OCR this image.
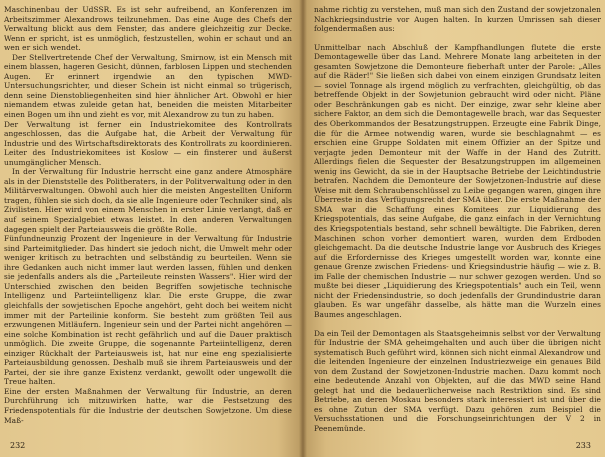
Maschinenbau der UdSSR. Es ist sehr aufreibend, an Konferenzen im Arbeitszimmer Alexandrows teilzunehmen. Das eine Auge des Chefs der Verwaltung blickt aus dem Fenster, das andere gleichzeitig zur Decke. Wenn er spricht, ist es unmöglich, festzustellen, wohin er schaut und an wen er sich wendet.

Der Stellvertretende Chef der Verwaltung, Smirnow, ist ein Mensch mit einem blassen, hageren Gesicht, dünnen, farblosen Lippen und stechenden Augen. Er erinnert irgendwie an den typischen MWD-Untersuchungsrichter, und dieser Schein ist nicht einmal so trügerisch, denn seine Dienstobliegenheiten sind hier ähnlicher Art. Obwohl er hier niemandem etwas zuleide getan hat, beneiden die meisten Mitarbeiter einen Bogen um ihn und zieht es vor, mit Alexandrow zu tun zu haben.

Der Verwaltung ist ferner ein Industriekomitee des Kontrollrats angeschlossen, das die Aufgabe hat, die Arbeit der Verwaltung für Industrie und des Wirtschaftsdirektorats des Kontrollrats zu koordinieren. Leiter des Industriekomitees ist Koslow — ein finsterer und äußerst unumgänglicher Mensch.

In der Verwaltung für Industrie herrscht eine ganz andere Atmosphäre als in der Dienststelle des Politberaters, in der Politverwaltung oder in den Militärverwaltungen. Obwohl auch hier die meisten Angestellten Uniform tragen, fühlen sie sich doch, da sie alle Ingenieure oder Techniker sind, als Zivilisten. Hier wird von einem Menschen in erster Linie verlangt, daß er auf seinem Spezialgebiet etwas leistet. In den anderen Verwaltungen dagegen spielt der Parteiausweis die größte Rolle.

Fünfundneunzig Prozent der Ingenieure in der Verwaltung für Industrie sind Parteimitglieder. Das hindert sie jedoch nicht, die Umwelt mehr oder weniger kritisch zu betrachten und selbständig zu beurteilen. Wenn sie ihre Gedanken auch nicht immer laut werden lassen, fühlen und denken sie jedenfalls anders als die „Parteileute reinsten Wassers". Hier wird der Unterschied zwischen den beiden Begriffen sowjetische technische Intelligenz und Parteiintelligenz klar. Die erste Gruppe, die zwar gleichfalls der sowjetischen Epoche angehört, geht doch bei weitem nicht immer mit der Parteilinie konform. Sie besteht zum größten Teil aus erzwungenen Mitläufern. Ingenieur sein und der Partei nicht angehören — eine solche Kombination ist recht gefährlich und auf die Dauer praktisch unmöglich. Die zweite Gruppe, die sogenannte Parteiintelligenz, deren einziger Rückhalt der Parteiausweis ist, hat nur eine eng spezialisierte Parteiausbildung genossen. Deshalb muß sie ihrem Parteiausweis und der Partei, der sie ihre ganze Existenz verdankt, gewollt oder ungewollt die Treue halten.

Eine der ersten Maßnahmen der Verwaltung für Industrie, an deren Durchführung ich mitzuwirken hatte, war die Festsetzung des Friedenspotentials für die Industrie der deutschen Sowjetzone. Um diese Maß-

232

nahme richtig zu verstehen, muß man sich den Zustand der sowjetzonalen Nachkriegsindustrie vor Augen halten. In kurzen Umrissen sah dieser folgendermaßen aus:

Unmittelbar nach Abschluß der Kampfhandlungen flutete die erste Demontagewelle über das Land. Mehrere Monate lang arbeiteten in der gesamten Sowjetzone die Demonteure fieberhaft unter der Parole: „Alles auf die Räder!" Sie ließen sich dabei von einem einzigen Grundsatz leiten — soviel Tonnage als irgend möglich zu verfrachten, gleichgültig, ob das betreffende Objekt in der Sowjetunion gebraucht wird oder nicht. Pläne oder Beschränkungen gab es nicht. Der einzige, zwar sehr kleine aber sichere Faktor, an dem sich die Demontagewelle brach, war das Sequester des Oberkommandos der Besatzungstruppen. Erzeugte eine Fabrik Dinge, die für die Armee notwendig waren, wurde sie beschlagnahmt — es erschien eine Gruppe Soldaten mit einem Offizier an der Spitze und verjagte jeden Demonteur mit der Waffe in der Hand des Zutritt. Allerdings fielen die Sequester der Besatzungstruppen im allgemeinen wenig ins Gewicht, da sie in der Hauptsache Betriebe der Leichtindustrie betrafen. Nachdem die Demonteure der Sowjetzonen-Industrie auf diese Weise mit dem Schraubenschlüssel zu Leibe gegangen waren, gingen ihre Überreste in das Verfügungsrecht der SMA über. Die erste Maßnahme der SMA war die Schaffung eines Komitees zur Liquidierung des Kriegspotentials, das seine Aufgabe, die ganz einfach in der Vernichtung des Kriegspotentials bestand, sehr schnell bewältigte. Die Fabriken, deren Maschinen schon vorher demontiert waren, wurden dem Erdboden gleichgemacht. Da die deutsche Industrie lange vor Ausbruch des Krieges auf die Erfordernisse des Krieges umgestellt worden war, konnte eine genaue Grenze zwischen Friedens- und Kriegsindustrie häufig — wie z. B. im Falle der chemischen Industrie — nur schwer gezogen werden. Und so mußte bei dieser „Liquidierung des Kriegspotentials" auch ein Teil, wenn nicht der Friedensindustrie, so doch jedenfalls der Grundindustrie daran glauben. Es war ungefähr dasselbe, als hätte man die Wurzeln eines Baumes angeschlagen.

Da ein Teil der Demontagen als Staatsgeheimnis selbst vor der Verwaltung für Industrie der SMA geheimgehalten und auch über die übrigen nicht systematisch Buch geführt wird, können sich nicht einmal Alexandrow und die leitenden Ingenieure der einzelnen Industriezweige ein genaues Bild von dem Zustand der Sowjetzonen-Industrie machen. Dazu kommt noch eine bedeutende Anzahl von Objekten, auf die das MWD seine Hand gelegt hat und die bedauerlicherweise nach Restriktion sind. Es sind Betriebe, an deren Moskau besonders stark interessiert ist und über die es ohne Zutun der SMA verfügt. Dazu gehören zum Beispiel die Versuchsstationen und die Forschungseinrichtungen der V 2 in Peenemünde.

233
